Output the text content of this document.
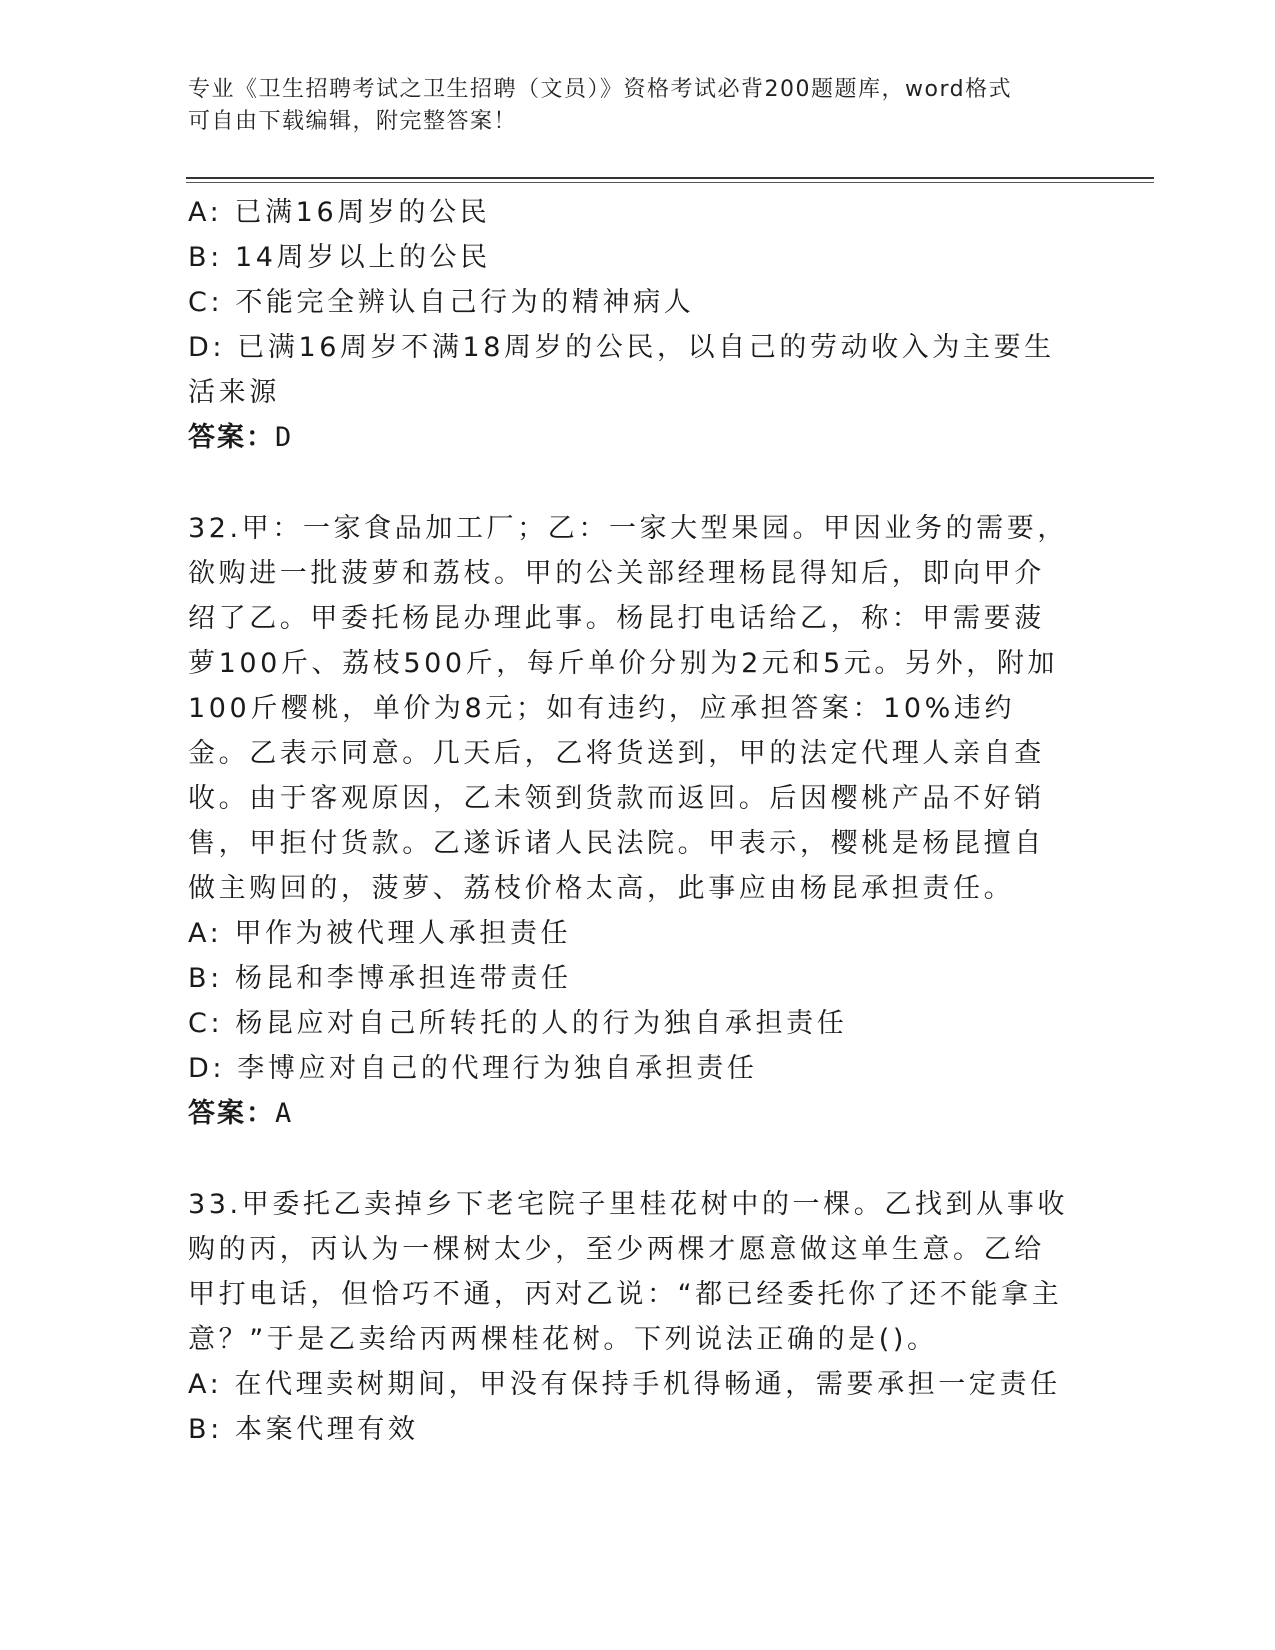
专业《卫生招聘考试之卫生招聘（文员）》资格考试必背200题题库，word格式
可自由下载编辑，附完整答案！
A: 已满16周岁的公民
B: 14周岁以上的公民
C: 不能完全辨认自己行为的精神病人
D: 已满16周岁不满18周岁的公民，以自己的劳动收入为主要生活来源
答案：D
32.甲：一家食品加工厂；乙：一家大型果园。甲因业务的需要，欲购进一批菠萝和荔枝。甲的公关部经理杨昆得知后，即向甲介绍了乙。甲委托杨昆办理此事。杨昆打电话给乙，称：甲需要菠萝100斤、荔枝500斤，每斤单价分别为2元和5元。另外，附加100斤樱桃，单价为8元；如有违约，应承担答案：10%违约金。乙表示同意。几天后，乙将货送到，甲的法定代理人亲自查收。由于客观原因，乙未领到货款而返回。后因樱桃产品不好销售，甲拒付货款。乙遂诉诸人民法院。甲表示，樱桃是杨昆擅自做主购回的，菠萝、荔枝价格太高，此事应由杨昆承担责任。
A: 甲作为被代理人承担责任
B: 杨昆和李博承担连带责任
C: 杨昆应对自己所转托的人的行为独自承担责任
D: 李博应对自己的代理行为独自承担责任
答案：A
33.甲委托乙卖掉乡下老宅院子里桂花树中的一棵。乙找到从事收购的丙，丙认为一棵树太少，至少两棵才愿意做这单生意。乙给甲打电话，但恰巧不通，丙对乙说：“都已经委托你了还不能拿主意？”于是乙卖给丙两棵桂花树。下列说法正确的是()。
A: 在代理卖树期间，甲没有保持手机得畅通，需要承担一定责任
B: 本案代理有效
